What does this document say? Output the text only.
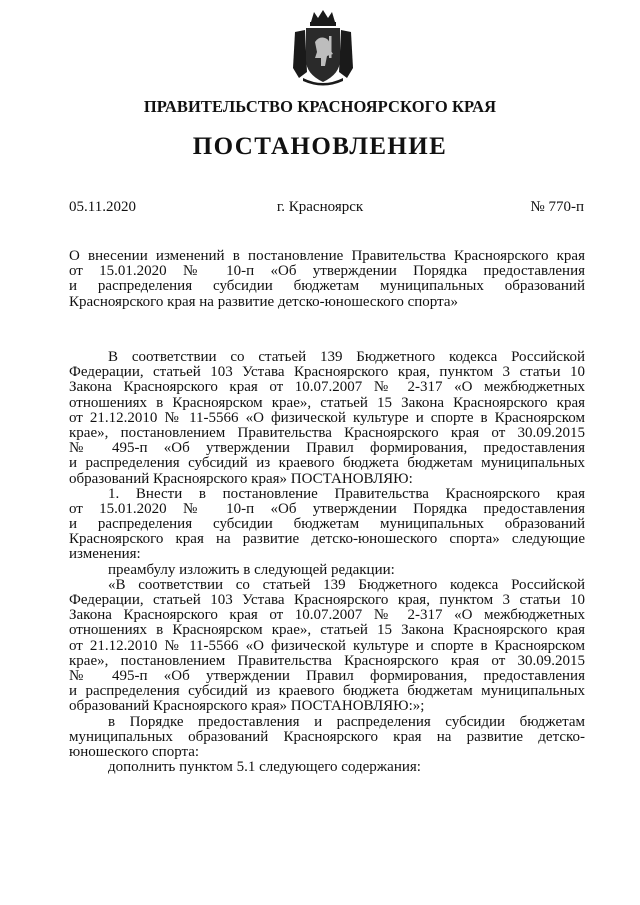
ПРАВИТЕЛЬСТВО КРАСНОЯРСКОГО КРАЯ
ПОСТАНОВЛЕНИЕ
05.11.2020	г. Красноярск	№ 770-п
О внесении изменений в постановление Правительства Красноярского края
от 15.01.2020 № 10-п «Об утверждении Порядка предоставления
и распределения субсидии бюджетам муниципальных образований
Красноярского края на развитие детско-юношеского спорта»
В соответствии со статьей 139 Бюджетного кодекса Российской
Федерации, статьей 103 Устава Красноярского края, пунктом 3 статьи 10
Закона Красноярского края от 10.07.2007 № 2-317 «О межбюджетных
отношениях в Красноярском крае», статьей 15 Закона Красноярского края
от 21.12.2010 № 11-5566 «О физической культуре и спорте в Красноярском
крае», постановлением Правительства Красноярского края от 30.09.2015
№ 495-п «Об утверждении Правил формирования, предоставления
и распределения субсидий из краевого бюджета бюджетам муниципальных
образований Красноярского края» ПОСТАНОВЛЯЮ:
1. Внести в постановление Правительства Красноярского края
от 15.01.2020 № 10-п «Об утверждении Порядка предоставления
и распределения субсидии бюджетам муниципальных образований
Красноярского края на развитие детско-юношеского спорта» следующие
изменения:
преамбулу изложить в следующей редакции:
«В соответствии со статьей 139 Бюджетного кодекса Российской
Федерации, статьей 103 Устава Красноярского края, пунктом 3 статьи 10
Закона Красноярского края от 10.07.2007 № 2-317 «О межбюджетных
отношениях в Красноярском крае», статьей 15 Закона Красноярского края
от 21.12.2010 № 11-5566 «О физической культуре и спорте в Красноярском
крае», постановлением Правительства Красноярского края от 30.09.2015
№ 495-п «Об утверждении Правил формирования, предоставления
и распределения субсидий из краевого бюджета бюджетам муниципальных
образований Красноярского края» ПОСТАНОВЛЯЮ:»;
в Порядке предоставления и распределения субсидии бюджетам
муниципальных образований Красноярского края на развитие детско-
юношеского спорта:
дополнить пунктом 5.1 следующего содержания:
